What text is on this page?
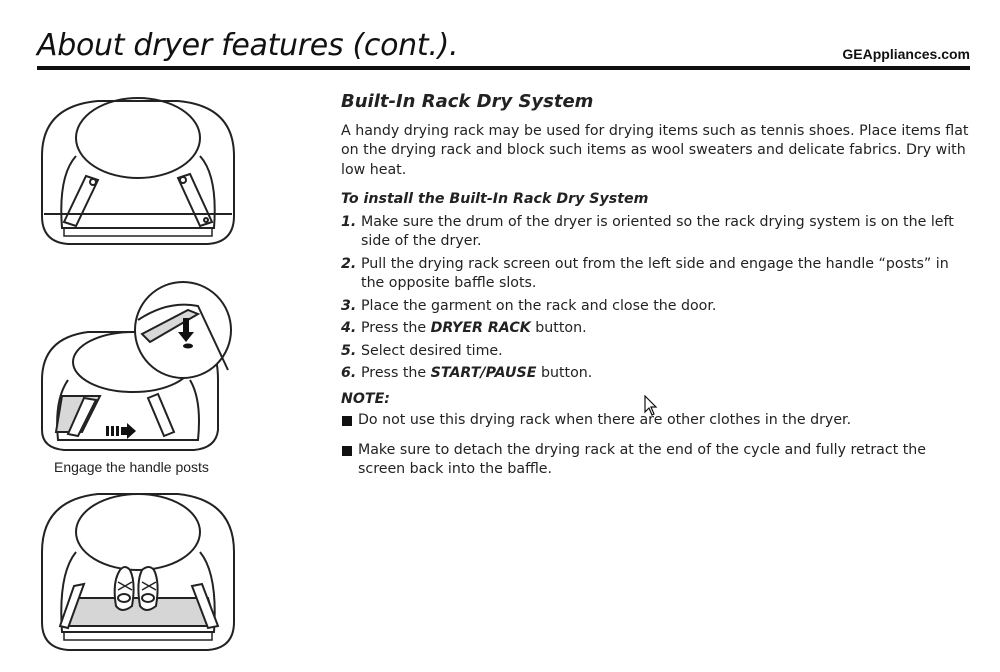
About dryer features (cont.).	GEAppliances.com
Engage the handle posts
Built-In Rack Dry System

A handy drying rack may be used for drying items such as tennis shoes. Place items flat on the drying rack and block such items as wool sweaters and delicate fabrics. Dry with low heat.

To install the Built-In Rack Dry System

1. Make sure the drum of the dryer is oriented so the rack drying system is on the left side of the dryer.
2. Pull the drying rack screen out from the left side and engage the handle “posts” in the opposite baffle slots.
3. Place the garment on the rack and close the door.
4. Press the DRYER RACK button.
5. Select desired time.
6. Press the START/PAUSE button.

NOTE:

Do not use this drying rack when there are other clothes in the dryer.
Make sure to detach the drying rack at the end of the cycle and fully retract the screen back into the baffle.
